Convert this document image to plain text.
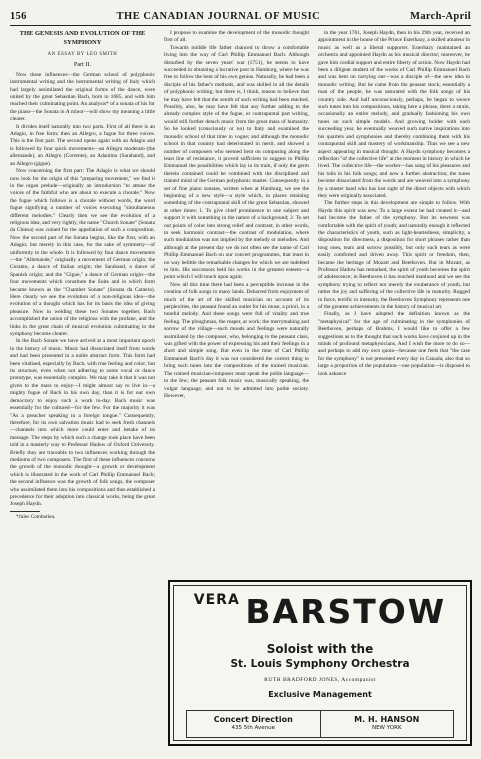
156	THE CANADIAN JOURNAL OF MUSIC	March-April
THE GENESIS AND EVOLUTION OF THE SYMPHONY
AN ESSAY BY LEO SMITH
Part II.

Now these influences—the German school of polyphonic instrumental writing and the instrumental writing of Italy which had largely assimilated the original forms of the dance, were united by the great Sebastian Bach, born in 1685, and with him reached their culminating point. An analysis* of a sonata of his for the piano—the Sonata in A minor—will show my meaning a little clearer.

It divides itself naturally into two parts. First of all there is an Adagio, in free form; then an Allegro, a fugue for three voices. This is the first part. The second opens again with an Adagio and is followed by four quick movements—an Allegro moderato (the allemande), an Allegro (Corrente), an Adantino (Saraband), and an Allegro (gigue).

Now concerning the first part: The Adagio is what we should now look for the origin of this "preparing movement," we find it in the organ prelude—originally an introduction "to attune the voices of the faithful who are about to execute a chorale." Now the fugue which follows is a chorale without words, the word fugue signifying a number of voices executing "simultaneous different melodies." Clearly then we see the evolution of a religious idea, and very rightly, the name "Church Sonate" (Sonata da Chiesa) was coined for the appellation of such a composition. Now the second part of the Sonata begins, like the first, with an Adagio; but merely in this case, for the sake of symmetry—of uniformity to the whole. It is followed by four dance movements—the "Allemande," originally a movement of German origin; the Coranto, a dance of Italian origin; the Saraband, a dance of Spanish origin; and the "Gigue," a dance of German origin—the four movements which constitute the Suite and in which form became known as the "Chamber Sonate" (Sonata da Camera). Here clearly we see the evolution of a non-religious idea—the evolution of a thought which has for its basis the idea of giving pleasure. Now in welding these two Sonates together, Bach accomplished the union of the religious with the profane, and the links in the great chain of musical evolution culminating in the symphony become clearer.

In the Bach Sonate we have arrived at a most important epoch in the history of music. Music had dissociated itself from words and had been presented in a noble abstract form. This form had been vitalised, especially by Bach, with true feeling and color; but its structure, even when not adhering to some vocal or dance prototype, was essentially complex. We may take it that it was not given to the mass to enjoy—I might almost say to live in—a mighty fugue of Bach in his own day, than it is for our own democracy to enjoy such a work to-day. Bach music was essentially for the cultured—for the few. For the majority it was "As a preacher speaking in a foreign tongue." Consequently, therefore, for its own salvation music had to seek fresh channels—channels into which more could enter and betake of its message. The steps by which such a change took place have been told in a masterly way to Professor Hadow of Oxford University. Briefly they are traceable to two influences working through the mediums of two composers. The first of these influences concerns the growth of the monodic thought—a growth or development which is illustrated in the work of Carl Phillip Emmanuel Bach; the second influence was the growth of folk songs, the composer who assimilated them into his compositions and thus established a precedence for their adoption into classical works, being the great Joseph Haydn.

*Jules Combarieu.

I propose to examine the development of the monodic thought first of all.

Towards middle life father chanced to throw a comfortable living into the way of Carl Phillip Emmanuel Bach. Although disturbed by the seven years' war (1751), he seems to have succeeded in obtaining a lucrative post in Hamburg, where he was free to follow the bent of his own genius. Naturally, he had been a disciple of his father's methods, and was skilled in all the details of polyphonic writing; but there is, I think, reason to believe that he may have felt that the zenith of such writing had been reached. Possibly, also, he may have felt that any further adding to the already complex style of the fugue, or contrapuntal part writing, would still further detach music from the great mass of humanity. So he looked (consciously or no) to Italy and examined the monodic school of that time in vogue; and although the monodic school in that country had deteriorated in merit, and showed a number of composers who seemed bent on composing along the least line of resistance, it proved sufficient to suggest to Phillip Emmanuel the possibilities which lay in its train, if only the germ therein contained could be combined with the disciplined and trained mind of the German polyphonic master. Consequently in a set of fine piano sonatas, written when at Hamburg, we see the beginning of a new style—a style which, in places retaining something of the contrapuntal skill of the great Sebastian, showed at other times: 1. To give chief prominence to one subject and support it with something in the nature of a background; 2. To set out points of color into strong relief and contrast; in other words, to seek harmonic contrast—the contrast of modulation, where such modulation was not implied by the melody or melodies. And although at the present day we do not often see the name of Carl Phillip Emmanuel Bach on our concert programmes, that must in no way belittle the remarkable changes for which we are indebted to him. His successors held his works in the greatest esteem—a point which I will touch upon again.

Now all this time there had been a perceptible increase in the creation of folk songs in many lands. Debarred from enjoyment of much of the art of the skilled musician on account of its perplexities, the peasant found an outlet for his muse, a priori, in a tuneful melody. And these songs were full of vitality and true feeling. The ploughman, the reaper, at work; the merrymaking and sorrow of the village—such moods and feelings were naturally assimilated by the composer, who, belonging to the peasant class, was gifted with the power of expressing his and their feelings in a short and simple song. But even in the time of Carl Phillip Emmanuel Bach's day it was not considered the correct thing to bring such tunes into the compositions of the trained musician. The trained musician-composer must speak the polite language—to the few; the peasant folk music was, musically speaking, the vulgar language, and not to be admitted into polite society. However,

in the year 1761, Joseph Haydn, then in his 29th year, received an appointment in the house of the Prince Esterhazy, a skilled amateur in music as well as a liberal supporter. Esterhazy maintained an orchestra and appointed Haydn as his musical director; moreover, he gave him cordial support and entire liberty of action. Now Haydn had been a diligent student of the works of Carl Phillip Emmanuel Bach and was bent on carrying out—was a disciple of—the new idea in monodic writing. But he came from the peasant stock; essentially a man of the people, he was saturated with the folk songs of his country side. And half unconsciously, perhaps, he began to weave such tunes into his compositions, taking here a phrase, there a strain, occasionally an entire melody, and gradually fashioning his own tunes on such simple models. And growing bolder with each succeeding year, he eventually weaved such native inspirations into his quartets and symphonies and thereby combining them with his contrapuntal skill and mastery of workmanship. Thus we see a new aspect appearing in musical thought. A Haydn symphony becomes a reflection "of the collective life" at the moment in history in which he lived. The collective life—the worker—has sung of his pleasures and his toils in his folk songs; and now a further abstraction; the tunes become dissociated from the words and are weaved into a symphony by a master hand who has lost sight of the direct objects with which they were originally associated.

The further steps in this development are simple to follow. With Haydn this spirit was new. To a large extent he had created it—and had become the father of the symphony. But its newness was comfortable with the spirit of youth; and naturally enough it reflected the characteristics of youth, such as light-heartedness, simplicity, a disposition for directness, a disposition for short phrases rather than long ones, tears and sorrow possibly, but only such tears as were easily comforted and driven away. This spirit or freedom, then, became the heritage of Mozart and Beethoven. But in Mozart, as Professor Hadow has remarked, the spirit of youth becomes the spirit of adolescence; in Beethoven it has reached manhood and we see the symphony trying to reflect not merely the exuberance of youth, but rather the joy and suffering of the collective life in maturity. Rugged in force, terrific in intensity, the Beethoven Symphony represents one of the greatest achievements in the history of musical art.

Finally, as I have adopted the definition known as the "metaphysical" for the age of culminating in the symphonies of Beethoven, perhaps of Brahms, I would like to offer a few suggestions as to the thought that such works have conjured up in the minds of profound metaphysicians, And I wish the more to do so—and perhaps to add my own quota—because one feels that "the case for the symphony" is not presented every day in Canada; also that so large a proportion of the population—one population—is disposed to look askance

VERA BARSTOW
Soloist with the
St. Louis Symphony Orchestra
RUTH BRADFORD JONES, Accompanist
Exclusive Management
Concert Direction
435 5th Avenue
M. H. HANSON
NEW YORK
